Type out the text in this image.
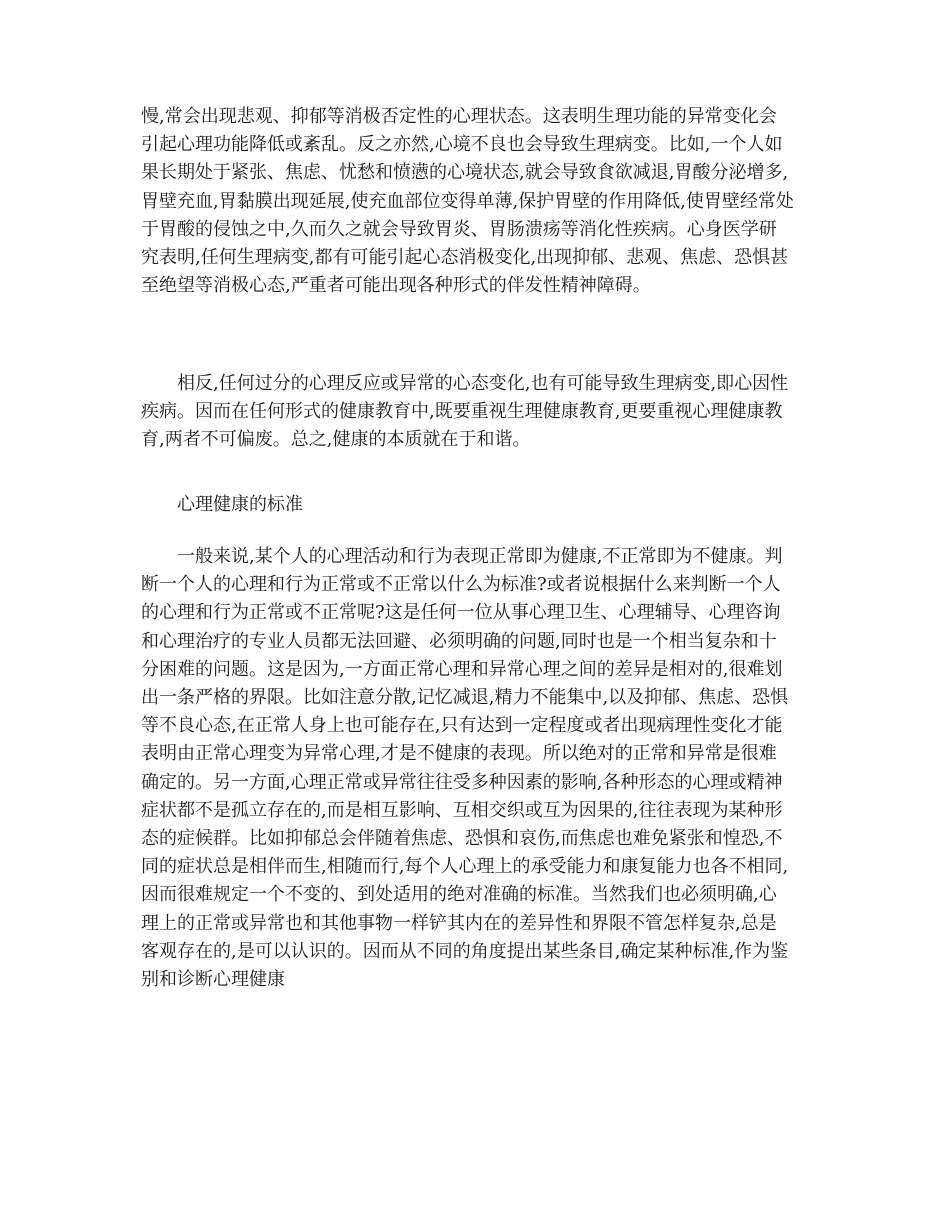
慢,常会出现悲观、抑郁等消极否定性的心理状态。这表明生理功能的异常变化会
引起心理功能降低或紊乱。反之亦然,心境不良也会导致生理病变。比如,一个人如
果长期处于紧张、焦虑、忧愁和愤懑的心境状态,就会导致食欲减退,胃酸分泌增多,
胃壁充血,胃黏膜出现延展,使充血部位变得单薄,保护胃壁的作用降低,使胃壁经常处
于胃酸的侵蚀之中,久而久之就会导致胃炎、胃肠溃疡等消化性疾病。心身医学研
究表明,任何生理病变,都有可能引起心态消极变化,出现抑郁、悲观、焦虑、恐惧甚
至绝望等消极心态,严重者可能出现各种形式的伴发性精神障碍。
　　相反,任何过分的心理反应或异常的心态变化,也有可能导致生理病变,即心因性
疾病。因而在任何形式的健康教育中,既要重视生理健康教育,更要重视心理健康教
育,两者不可偏废。总之,健康的本质就在于和谐。
　　心理健康的标准
　　一般来说,某个人的心理活动和行为表现正常即为健康,不正常即为不健康。判
断一个人的心理和行为正常或不正常以什么为标准?或者说根据什么来判断一个人
的心理和行为正常或不正常呢?这是任何一位从事心理卫生、心理辅导、心理咨询
和心理治疗的专业人员都无法回避、必须明确的问题,同时也是一个相当复杂和十
分困难的问题。这是因为,一方面正常心理和异常心理之间的差异是相对的,很难划
出一条严格的界限。比如注意分散,记忆减退,精力不能集中,以及抑郁、焦虑、恐惧
等不良心态,在正常人身上也可能存在,只有达到一定程度或者出现病理性变化才能
表明由正常心理变为异常心理,才是不健康的表现。所以绝对的正常和异常是很难
确定的。另一方面,心理正常或异常往往受多种因素的影响,各种形态的心理或精神
症状都不是孤立存在的,而是相互影响、互相交织或互为因果的,往往表现为某种形
态的症候群。比如抑郁总会伴随着焦虑、恐惧和哀伤,而焦虑也难免紧张和惶恐,不
同的症状总是相伴而生,相随而行,每个人心理上的承受能力和康复能力也各不相同,
因而很难规定一个不变的、到处适用的绝对准确的标准。当然我们也必须明确,心
理上的正常或异常也和其他事物一样铲其内在的差异性和界限不管怎样复杂,总是
客观存在的,是可以认识的。因而从不同的角度提出某些条目,确定某种标准,作为鉴
别和诊断心理健康
